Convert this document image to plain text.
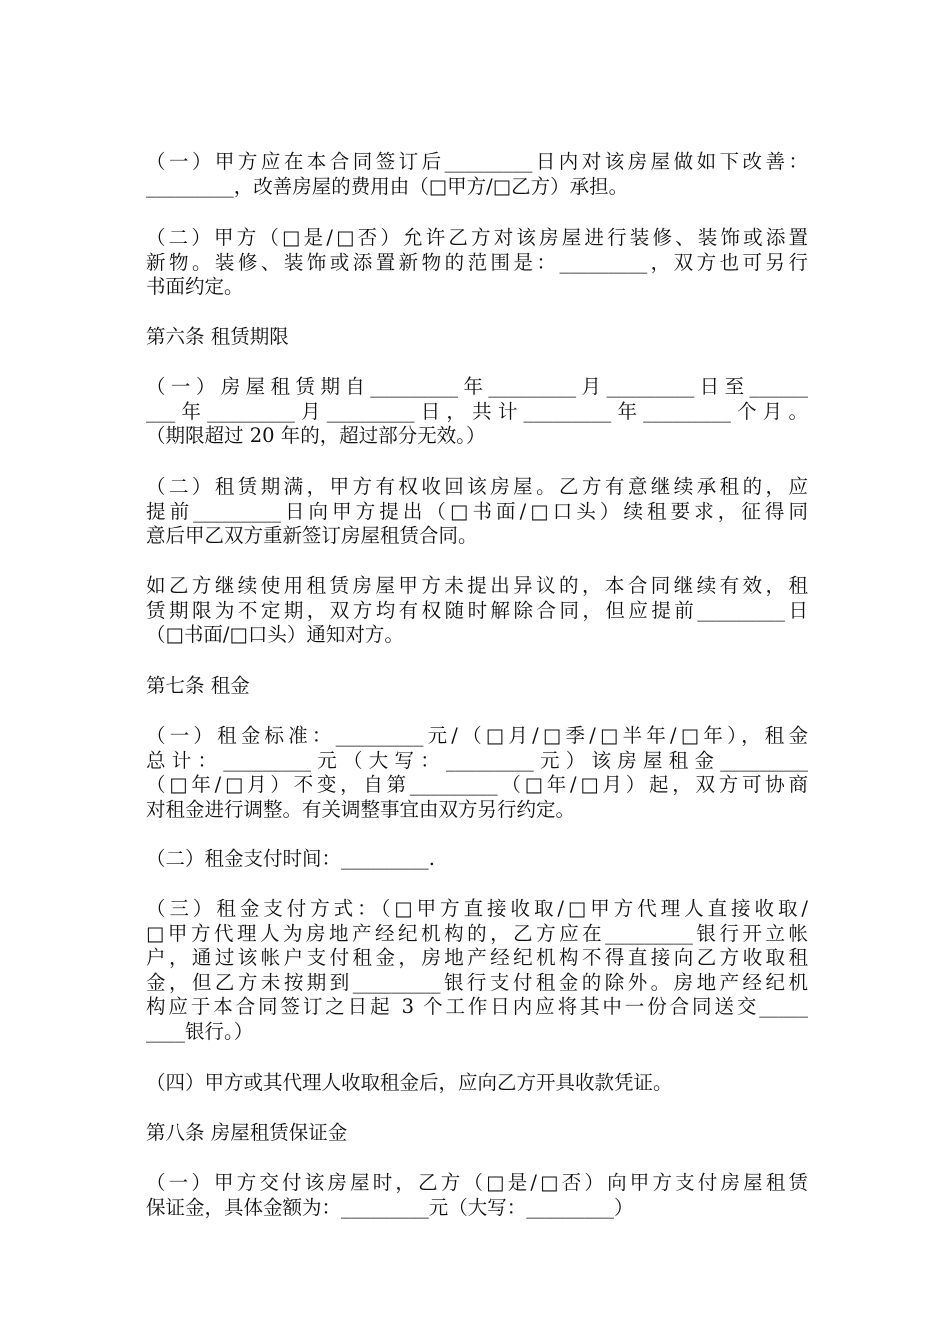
（一）甲方应在本合同签订后_________日内对该房屋做如下改善：
_________，改善房屋的费用由（□甲方/□乙方）承担。
（二）甲方（□是/□否）允许乙方对该房屋进行装修、装饰或添置
新物。装修、装饰或添置新物的范围是：_________，双方也可另行
书面约定。
第六条 租赁期限
（一）房屋租赁期自_________年_________月_________日至______
___年_________月_________日，共计_________年_________个月。
（期限超过 20 年的，超过部分无效。）
（二）租赁期满，甲方有权收回该房屋。乙方有意继续承租的，应
提前_________日向甲方提出（□书面/□口头）续租要求，征得同
意后甲乙双方重新签订房屋租赁合同。
如乙方继续使用租赁房屋甲方未提出异议的，本合同继续有效，租
赁期限为不定期，双方均有权随时解除合同，但应提前_________日
（□书面/□口头）通知对方。
第七条 租金
（一）租金标准：_________元/（□月/□季/□半年/□年），租金
总计：_________元（大写：_________元）该房屋租金_________
（□年/□月）不变，自第_________（□年/□月）起，双方可协商
对租金进行调整。有关调整事宜由双方另行约定。
（二）租金支付时间：_________.
（三）租金支付方式：（□甲方直接收取/□甲方代理人直接收取/
□甲方代理人为房地产经纪机构的，乙方应在_________银行开立帐
户，通过该帐户支付租金，房地产经纪机构不得直接向乙方收取租
金，但乙方未按期到_________银行支付租金的除外。房地产经纪机
构应于本合同签订之日起 3 个工作日内应将其中一份合同送交_____
____银行。）
（四）甲方或其代理人收取租金后，应向乙方开具收款凭证。
第八条 房屋租赁保证金
（一）甲方交付该房屋时，乙方（□是/□否）向甲方支付房屋租赁
保证金，具体金额为：_________元（大写：_________）
